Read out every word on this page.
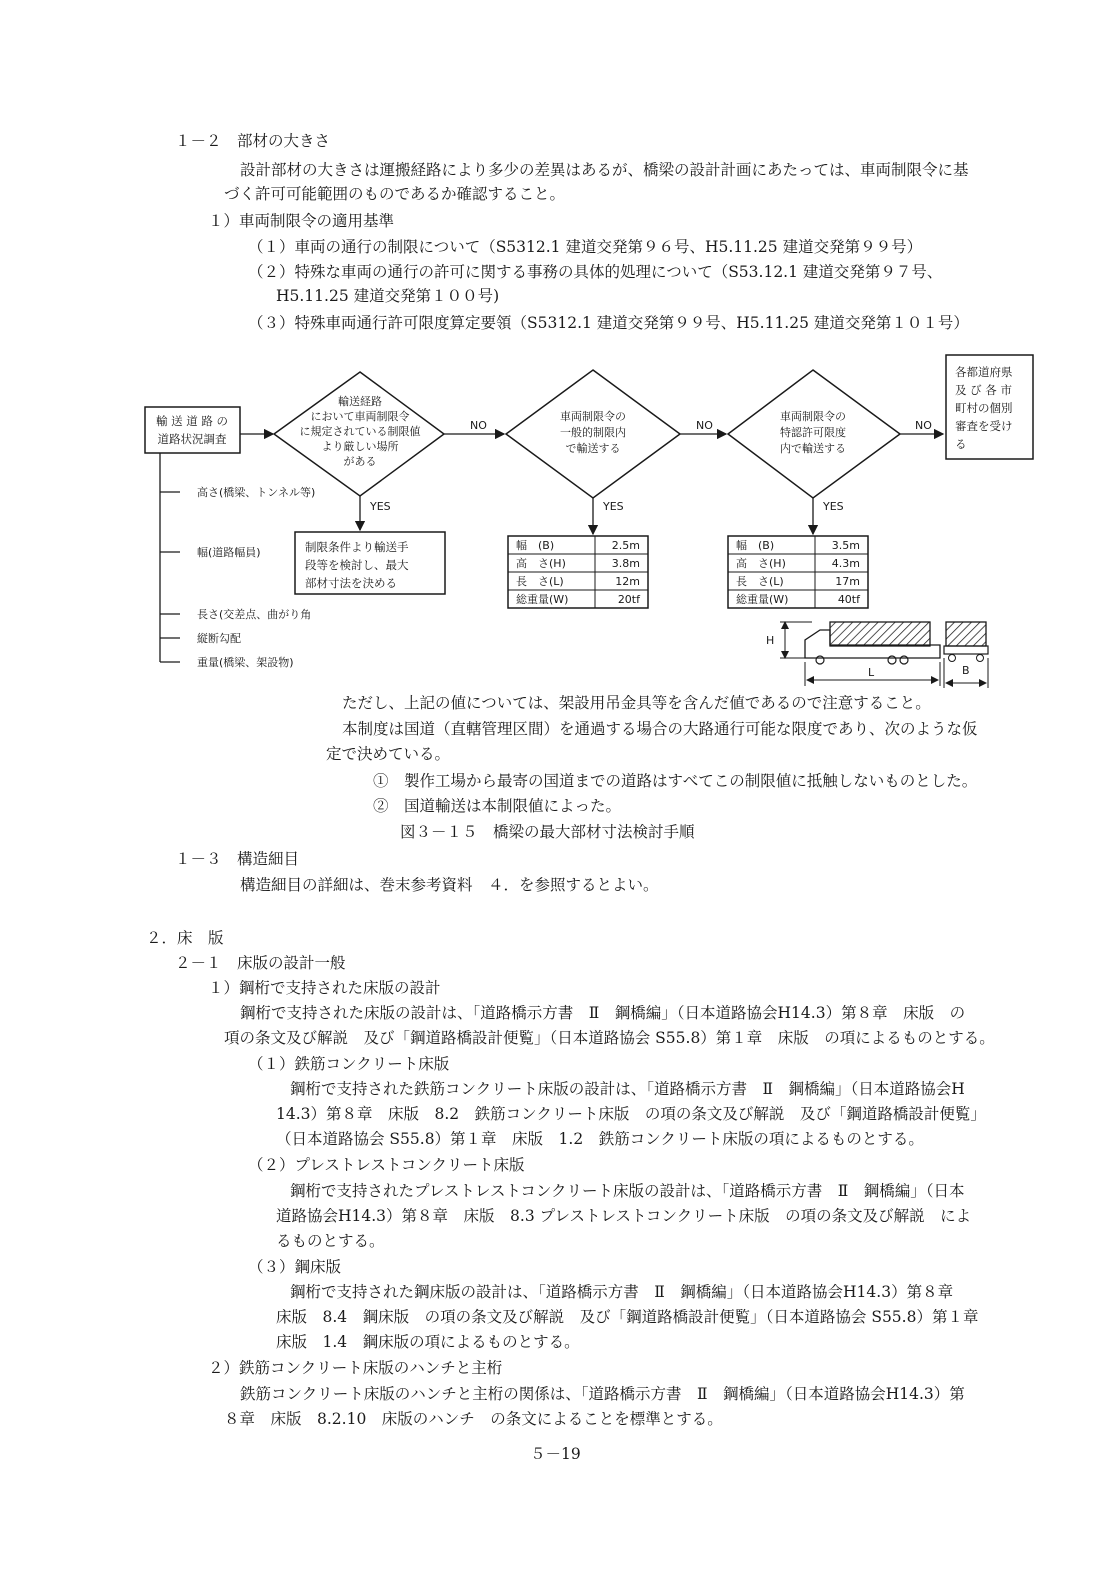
１－２　部材の大きさ
設計部材の大きさは運搬経路により多少の差異はあるが、橋梁の設計計画にあたっては、車両制限令に基
づく許可可能範囲のものであるか確認すること。
１）車両制限令の適用基準
（１）車両の通行の制限について（S5312.1 建道交発第９６号、H5.11.25 建道交発第９９号）
（２）特殊な車両の通行の許可に関する事務の具体的処理について（S53.12.1 建道交発第９７号、
H5.11.25 建道交発第１００号)
（３）特殊車両通行許可限度算定要領（S5312.1 建道交発第９９号、H5.11.25 建道交発第１０１号）
輸 送 道 路 の
道路状況調査
輸送経路
において車両制限令
に規定されている制限値
より厳しい場所
がある
NO
車両制限令の
一般的制限内
で輸送する
NO
車両制限令の
特認許可限度
内で輸送する
NO
各都道府県
及 び 各 市
町村の個別
審査を受け
る
YES	YES	YES
制限条件より輸送手
段等を検討し、最大
部材寸法を決める
高さ(橋梁、トンネル等)
幅(道路幅員)
長さ(交差点、曲がり角
縦断勾配
重量(橋梁、架設物)
幅　(B)	2.5m
高　さ(H)	3.8m
長　さ(L)	12m
総重量(W)	20tf
幅　(B)	3.5m
高　さ(H)	4.3m
長　さ(L)	17m
総重量(W)	40tf
H
L	B
ただし、上記の値については、架設用吊金具等を含んだ値であるので注意すること。
本制度は国道（直轄管理区間）を通過する場合の大路通行可能な限度であり、次のような仮
定で決めている。
①　製作工場から最寄の国道までの道路はすべてこの制限値に抵触しないものとした。
②　国道輸送は本制限値によった。
図３－１５　橋梁の最大部材寸法検討手順
１－３　構造細目
構造細目の詳細は、巻末参考資料　４．を参照するとよい。
２．床　版
２－１　床版の設計一般
１）鋼桁で支持された床版の設計
鋼桁で支持された床版の設計は、「道路橋示方書　Ⅱ　鋼橋編」（日本道路協会H14.3）第８章　床版　の
項の条文及び解説　及び「鋼道路橋設計便覧」（日本道路協会 S55.8）第１章　床版　の項によるものとする。
（１）鉄筋コンクリート床版
鋼桁で支持された鉄筋コンクリート床版の設計は、「道路橋示方書　Ⅱ　鋼橋編」（日本道路協会H
14.3）第８章　床版　8.2　鉄筋コンクリート床版　の項の条文及び解説　及び「鋼道路橋設計便覧」
（日本道路協会 S55.8）第１章　床版　1.2　鉄筋コンクリート床版の項によるものとする。
（２）プレストレストコンクリート床版
鋼桁で支持されたプレストレストコンクリート床版の設計は、「道路橋示方書　Ⅱ　鋼橋編」（日本
道路協会H14.3）第８章　床版　8.3 プレストレストコンクリート床版　の項の条文及び解説　によ
るものとする。
（３）鋼床版
鋼桁で支持された鋼床版の設計は、「道路橋示方書　Ⅱ　鋼橋編」（日本道路協会H14.3）第８章
床版　8.4　鋼床版　の項の条文及び解説　及び「鋼道路橋設計便覧」（日本道路協会 S55.8）第１章
床版　1.4　鋼床版の項によるものとする。
２）鉄筋コンクリート床版のハンチと主桁
鉄筋コンクリート床版のハンチと主桁の関係は、「道路橋示方書　Ⅱ　鋼橋編」（日本道路協会H14.3）第
８章　床版　8.2.10　床版のハンチ　の条文によることを標準とする。
５－19
